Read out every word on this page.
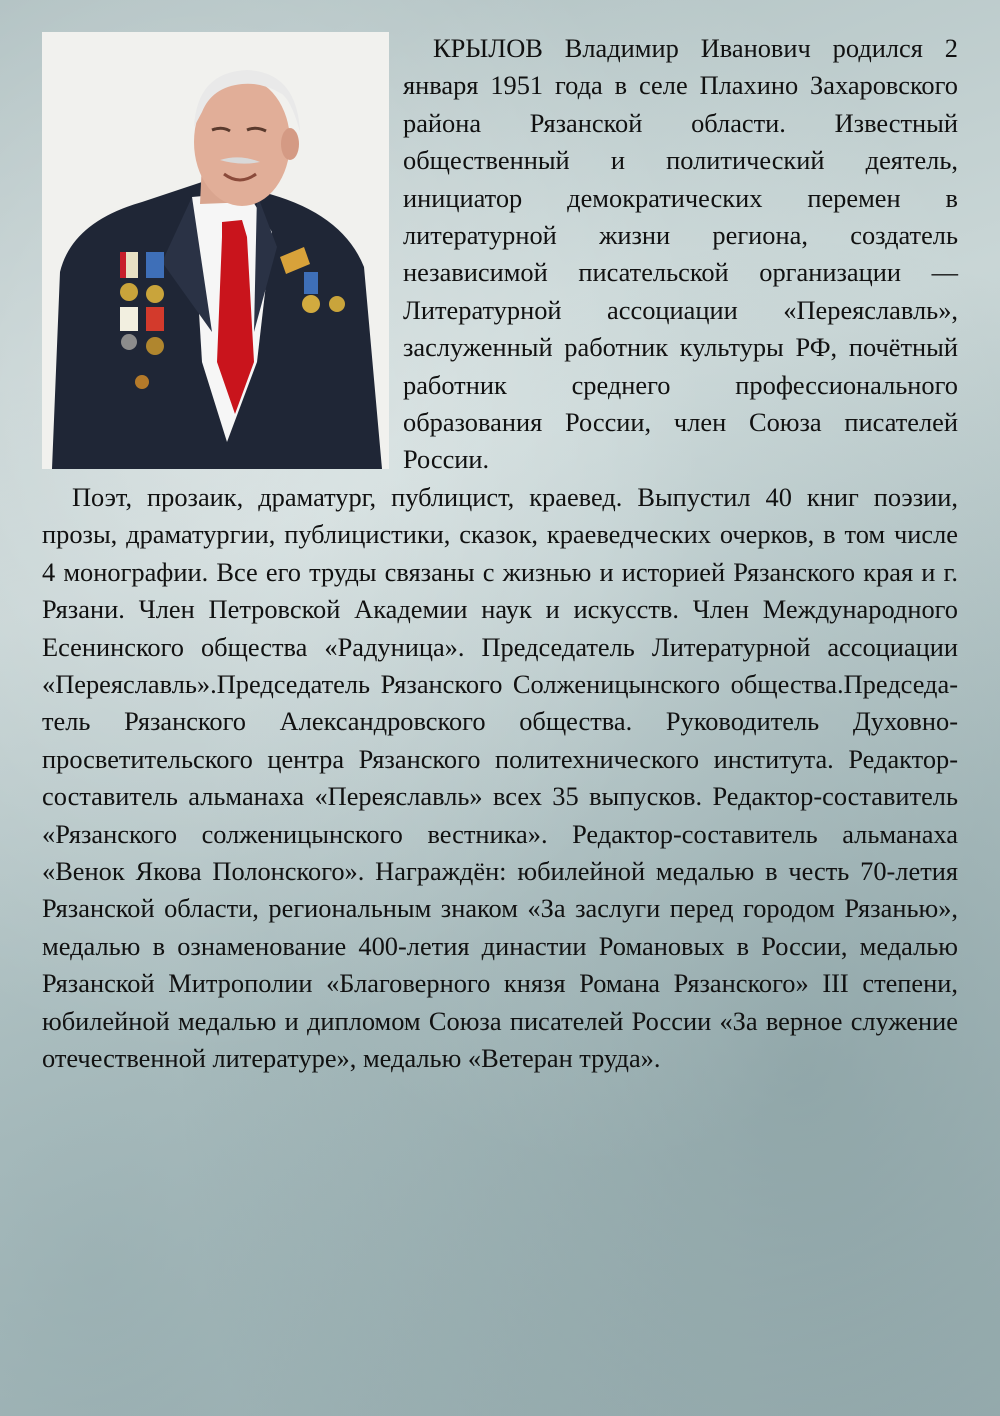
КРЫЛОВ Владимир Иванович родился 2 января 1951 года в селе Плахино Захаровского района Рязанской области. Известный общественный и политический деятель, инициатор демократических перемен в литературной жизни региона, создатель независимой писательской организации — Литературной ассоциации «Переяславль», заслуженный работник культуры РФ, почётный работник среднего профессионального образования России, член Союза писателей России.

Поэт, прозаик, драматург, публицист, краевед. Выпустил 40 книг поэзии, прозы, драматургии, публицистики, сказок, краеведческих очерков, в том числе 4 монографии. Все его труды связаны с жизнью и историей Рязанского края и г. Рязани. Член Петровской Академии наук и искусств. Член Международного Есенинского общества «Радуница». Председатель Литературной ассоциации «Переяславль».Председатель Рязанского Солженицынского общества.Председатель Рязанского Александровского общества. Руководитель Духовно-просветительского центра Рязанского политехнического института. Редактор-составитель альманаха «Переяславль» всех 35 выпусков. Редактор-составитель «Рязанского солженицынского вестника». Редактор-составитель альманаха «Венок Якова Полонского». Награждён: юбилейной медалью в честь 70-летия Рязанской области, региональным знаком «За заслуги перед городом Рязанью», медалью в ознаменование 400-летия династии Романовых в России, медалью Рязанской Митрополии «Благоверного князя Романа Рязанского» III степени, юбилейной медалью и дипломом Союза писателей России «За верное служение отечественной литературе», медалью «Ветеран труда».
